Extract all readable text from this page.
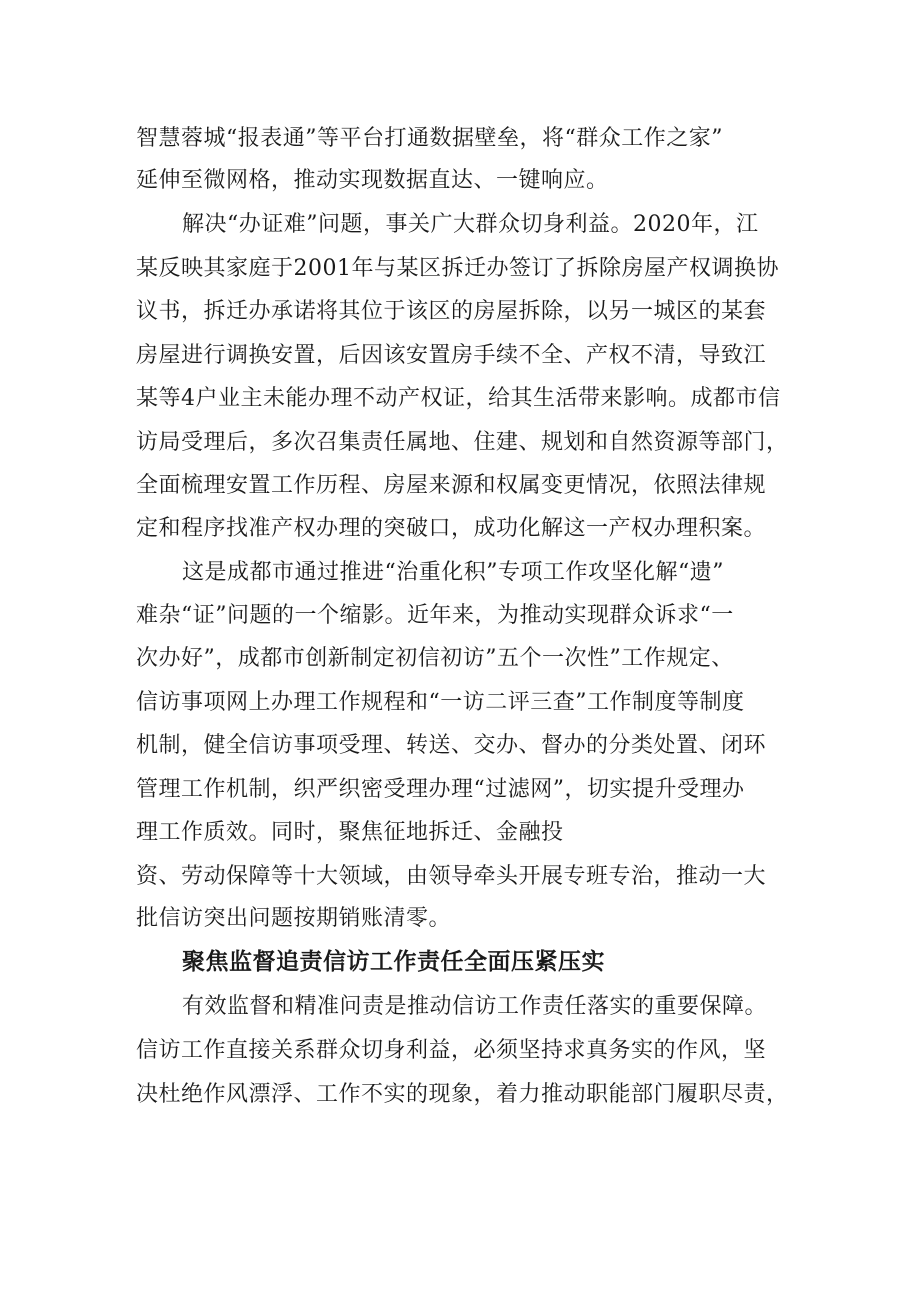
智慧蓉城“报表通”等平台打通数据壁垒，将“群众工作之家”
延伸至微网格，推动实现数据直达、一键响应。
解决“办证难”问题，事关广大群众切身利益。2020年，江
某反映其家庭于2001年与某区拆迁办签订了拆除房屋产权调换协
议书，拆迁办承诺将其位于该区的房屋拆除，以另一城区的某套
房屋进行调换安置，后因该安置房手续不全、产权不清，导致江
某等4户业主未能办理不动产权证，给其生活带来影响。成都市信
访局受理后，多次召集责任属地、住建、规划和自然资源等部门，
全面梳理安置工作历程、房屋来源和权属变更情况，依照法律规
定和程序找准产权办理的突破口，成功化解这一产权办理积案。
这是成都市通过推进“治重化积”专项工作攻坚化解“遗”
难杂“证”问题的一个缩影。近年来，为推动实现群众诉求“一
次办好”，成都市创新制定初信初访”五个一次性”工作规定、
信访事项网上办理工作规程和“一访二评三查”工作制度等制度
机制，健全信访事项受理、转送、交办、督办的分类处置、闭环
管理工作机制，织严织密受理办理“过滤网”，切实提升受理办
理工作质效。同时，聚焦征地拆迁、金融投
资、劳动保障等十大领域，由领导牵头开展专班专治，推动一大
批信访突出问题按期销账清零。
聚焦监督追责信访工作责任全面压紧压实
有效监督和精准问责是推动信访工作责任落实的重要保障。
信访工作直接关系群众切身利益，必须坚持求真务实的作风，坚
决杜绝作风漂浮、工作不实的现象，着力推动职能部门履职尽责，
